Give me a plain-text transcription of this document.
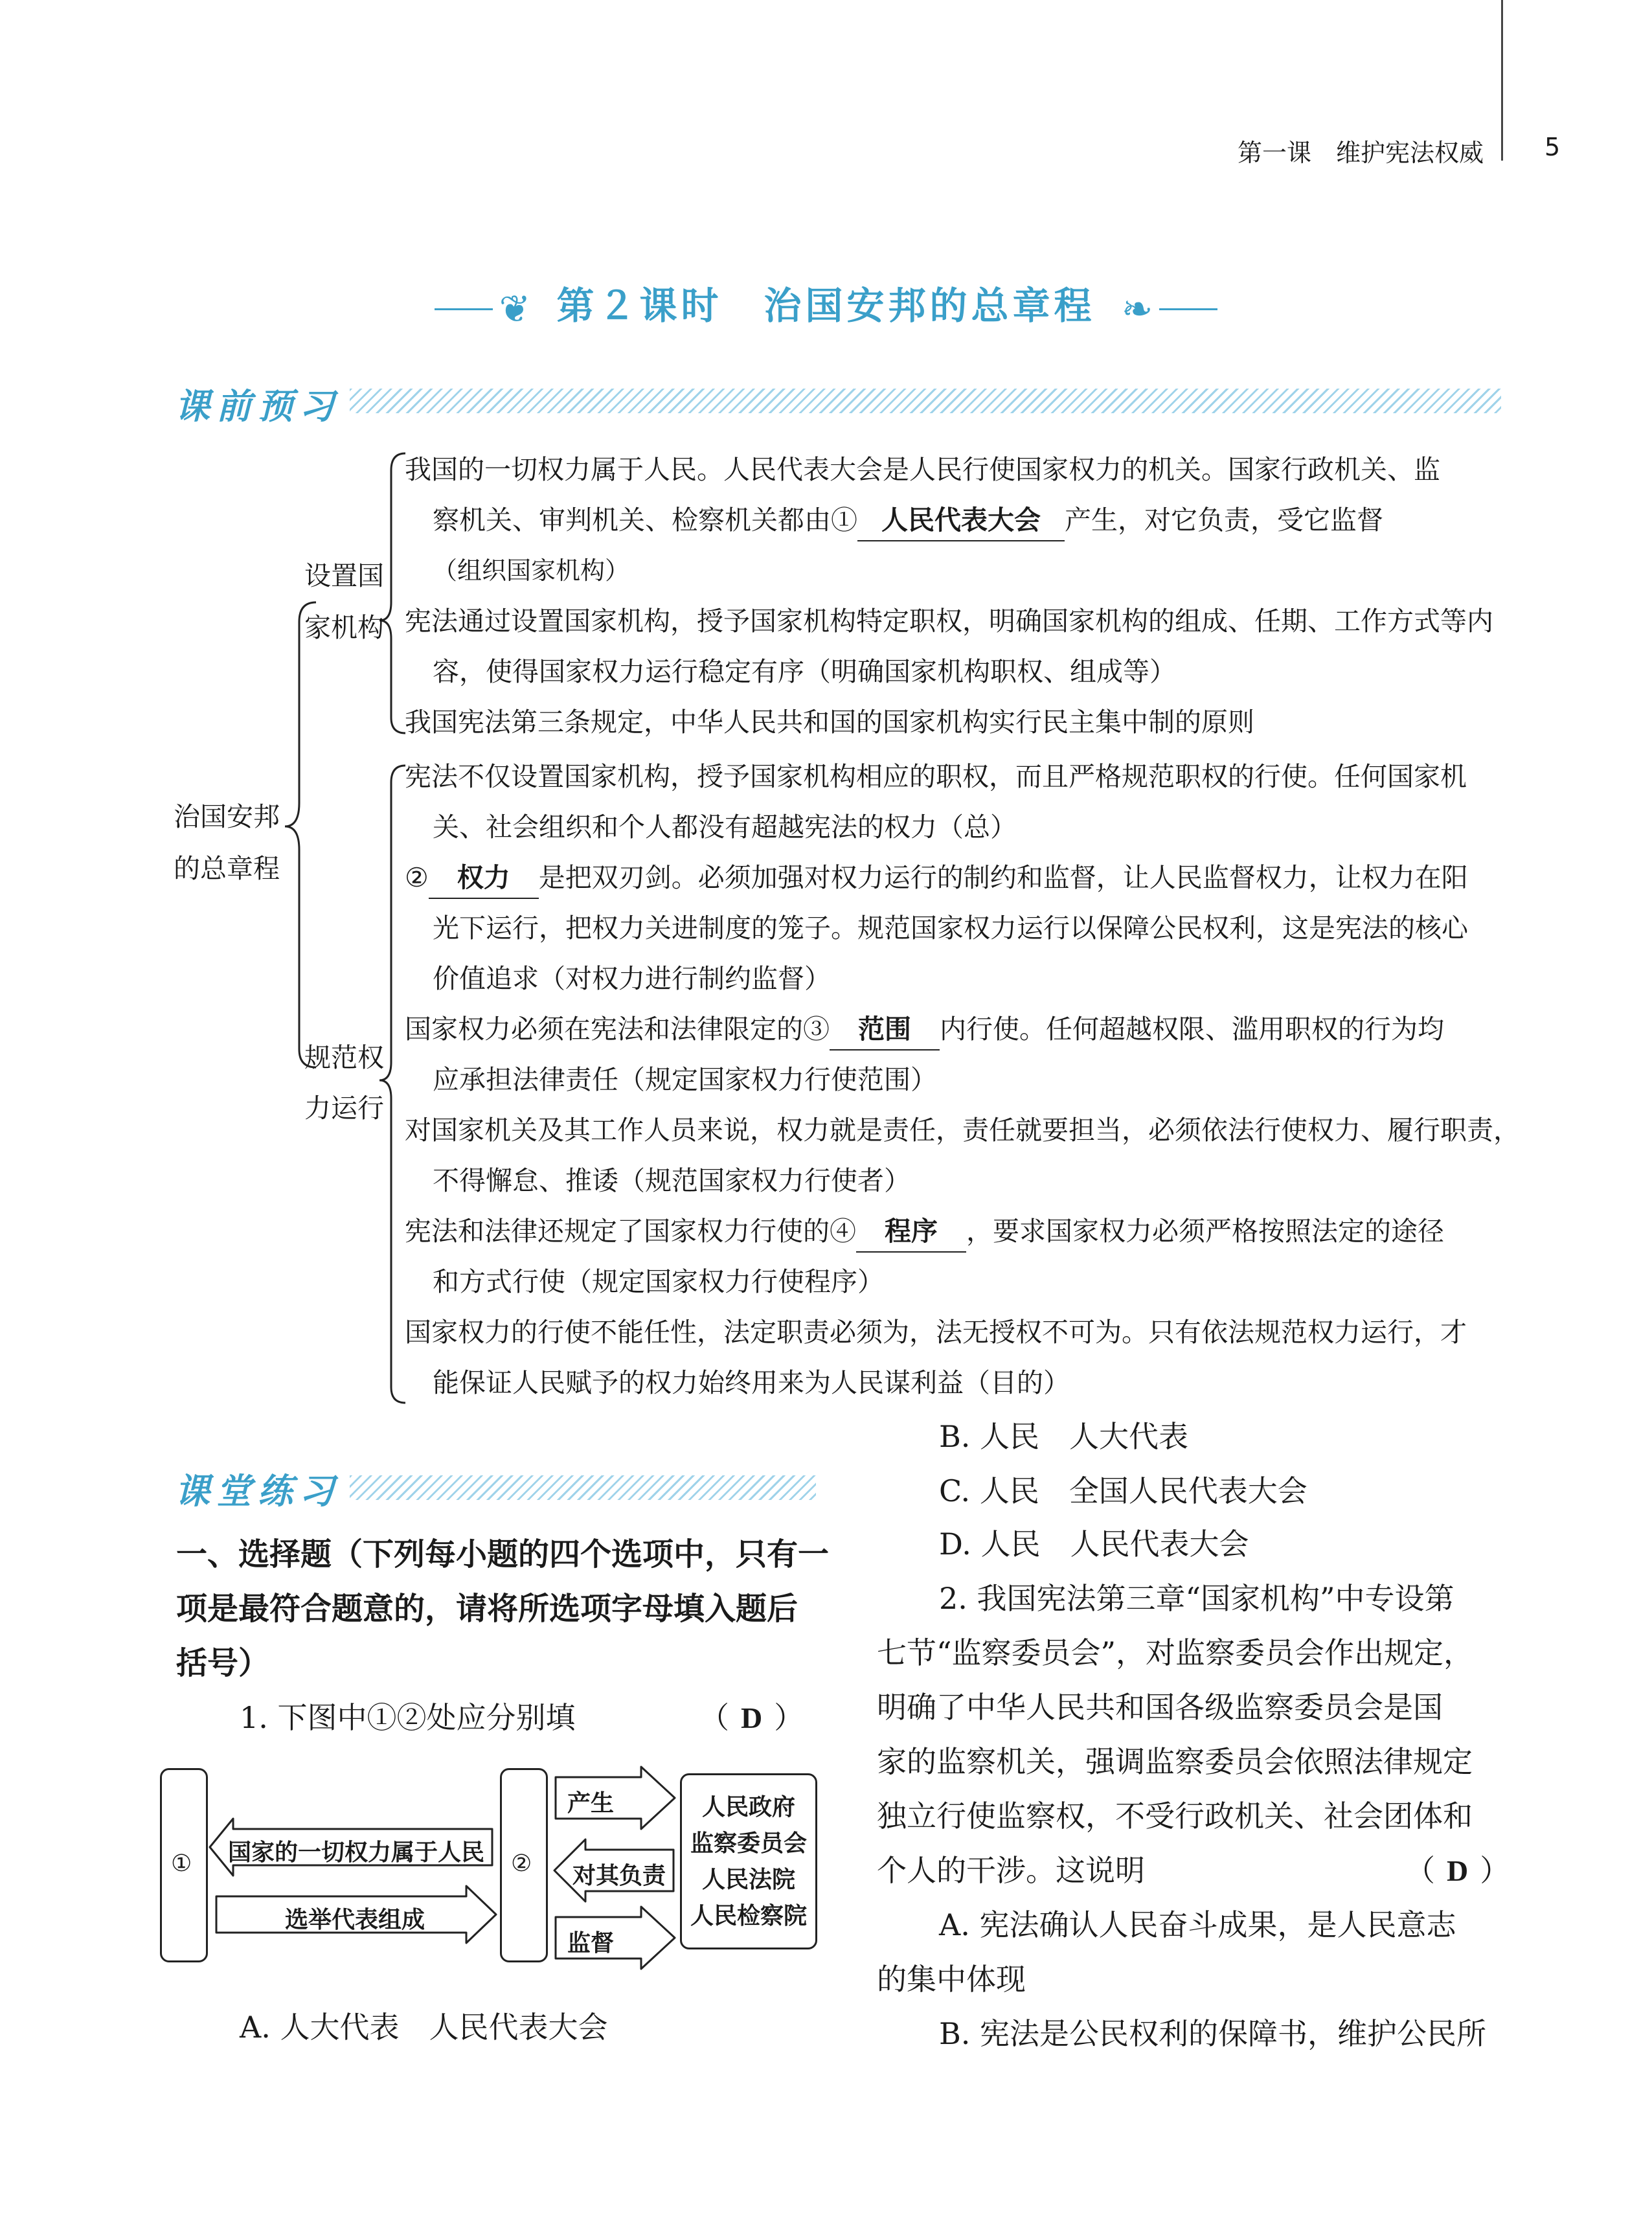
第一课　维护宪法权威 5
❦ 第２课时　治国安邦的总章程 ❧
课前预习
治国安邦
的总章程
设置国
家机构
规范权
力运行
我国的一切权力属于人民。人民代表大会是人民行使国家权力的机关。国家行政机关、监
察机关、审判机关、检察机关都由① 人民代表大会 产生，对它负责，受它监督
（组织国家机构）
宪法通过设置国家机构，授予国家机构特定职权，明确国家机构的组成、任期、工作方式等内
容，使得国家权力运行稳定有序（明确国家机构职权、组成等）
我国宪法第三条规定，中华人民共和国的国家机构实行民主集中制的原则
宪法不仅设置国家机构，授予国家机构相应的职权，而且严格规范职权的行使。任何国家机
关、社会组织和个人都没有超越宪法的权力（总）
② 权力 是把双刃剑。必须加强对权力运行的制约和监督，让人民监督权力，让权力在阳
光下运行，把权力关进制度的笼子。规范国家权力运行以保障公民权利，这是宪法的核心
价值追求（对权力进行制约监督）
国家权力必须在宪法和法律限定的③ 范围 内行使。任何超越权限、滥用职权的行为均
应承担法律责任（规定国家权力行使范围）
对国家机关及其工作人员来说，权力就是责任，责任就要担当，必须依法行使权力、履行职责，
不得懈怠、推诿（规范国家权力行使者）
宪法和法律还规定了国家权力行使的④ 程序 ，要求国家权力必须严格按照法定的途径
和方式行使（规定国家权力行使程序）
国家权力的行使不能任性，法定职责必须为，法无授权不可为。只有依法规范权力运行，才
能保证人民赋予的权力始终用来为人民谋利益（目的）
课堂练习
一、选择题（下列每小题的四个选项中，只有一
项是最符合题意的，请将所选项字母填入题后
括号）
1. 下图中①②处应分别填	（ D ）
①	②
人民政府
监察委员会
人民法院
人民检察院
国家的一切权力属于人民
选举代表组成
产生
对其负责
监督
A. 人大代表　人民代表大会
B. 人民　人大代表
C. 人民　全国人民代表大会
D. 人民　人民代表大会
2. 我国宪法第三章“国家机构”中专设第
七节“监察委员会”，对监察委员会作出规定，
明确了中华人民共和国各级监察委员会是国
家的监察机关，强调监察委员会依照法律规定
独立行使监察权，不受行政机关、社会团体和
个人的干涉。这说明	（ D ）
A. 宪法确认人民奋斗成果，是人民意志
的集中体现
B. 宪法是公民权利的保障书，维护公民所
